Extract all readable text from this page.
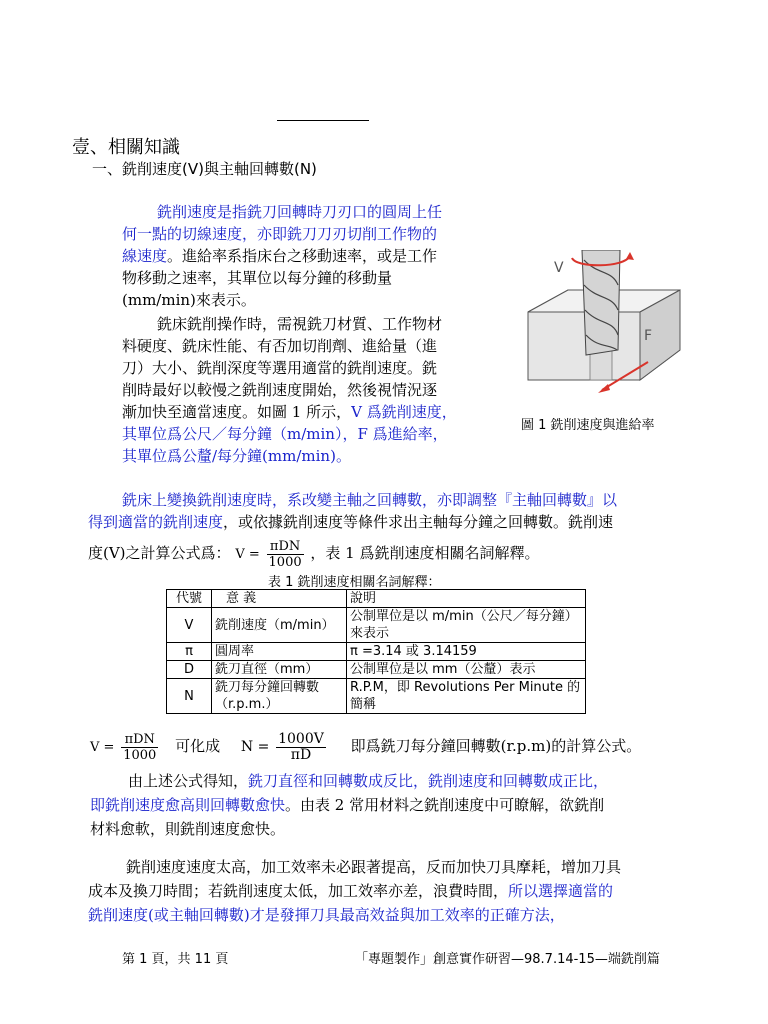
壹、相關知識
一、銑削速度(V)與主軸回轉數(N)
銑削速度是指銑刀回轉時刀刃口的圓周上任
何一點的切線速度，亦即銑刀刀刃切削工作物的
線速度。進給率系指床台之移動速率，或是工作
物移動之速率，其單位以每分鐘的移動量
(mm/min)來表示。
銑床銑削操作時，需視銑刀材質、工作物材
料硬度、銑床性能、有否加切削劑、進給量（進
刀）大小、銑削深度等選用適當的銑削速度。銑
削時最好以較慢之銑削速度開始，然後視情況逐
漸加快至適當速度。如圖 1 所示，V 爲銑削速度，
其單位爲公尺／每分鐘（m/min），F 爲進給率，
其單位爲公釐/每分鐘(mm/min)。
V
F
圖 1 銑削速度與進給率
銑床上變換銑削速度時，系改變主軸之回轉數，亦即調整『主軸回轉數』以
得到適當的銑削速度，或依據銑削速度等條件求出主軸每分鐘之回轉數。銑削速
度(V)之計算公式爲： $V = \frac{\text{πDN}}{1000}$ ，表 1 爲銑削速度相關名詞解釋。
表 1 銑削速度相關名詞解釋：
代號	意 義	說明
V	銑削速度（m/min）	公制單位是以 m/min（公尺／每分鐘）來表示
π	圓周率	π =3.14 或 3.14159
D	銑刀直徑（mm）	公制單位是以 mm（公釐）表示
N	銑刀每分鐘回轉數（r.p.m.）	R.P.M，即 Revolutions Per Minute 的簡稱
$V = \frac{\text{πDN}}{1000}$ 可化成 $N = \frac{1000V}{\pi D}$ 即爲銑刀每分鐘回轉數(r.p.m)的計算公式。
由上述公式得知，銑刀直徑和回轉數成反比，銑削速度和回轉數成正比，
即銑削速度愈高則回轉數愈快。由表 2 常用材料之銑削速度中可瞭解，欲銑削
材料愈軟，則銑削速度愈快。
銑削速度速度太高，加工效率未必跟著提高，反而加快刀具摩耗，增加刀具
成本及換刀時間；若銑削速度太低，加工效率亦差，浪費時間，所以選擇適當的
銑削速度(或主軸回轉數)才是發揮刀具最高效益與加工效率的正確方法，
第 1 頁，共 11 頁	「專題製作」創意實作研習—98.7.14-15—端銑削篇
